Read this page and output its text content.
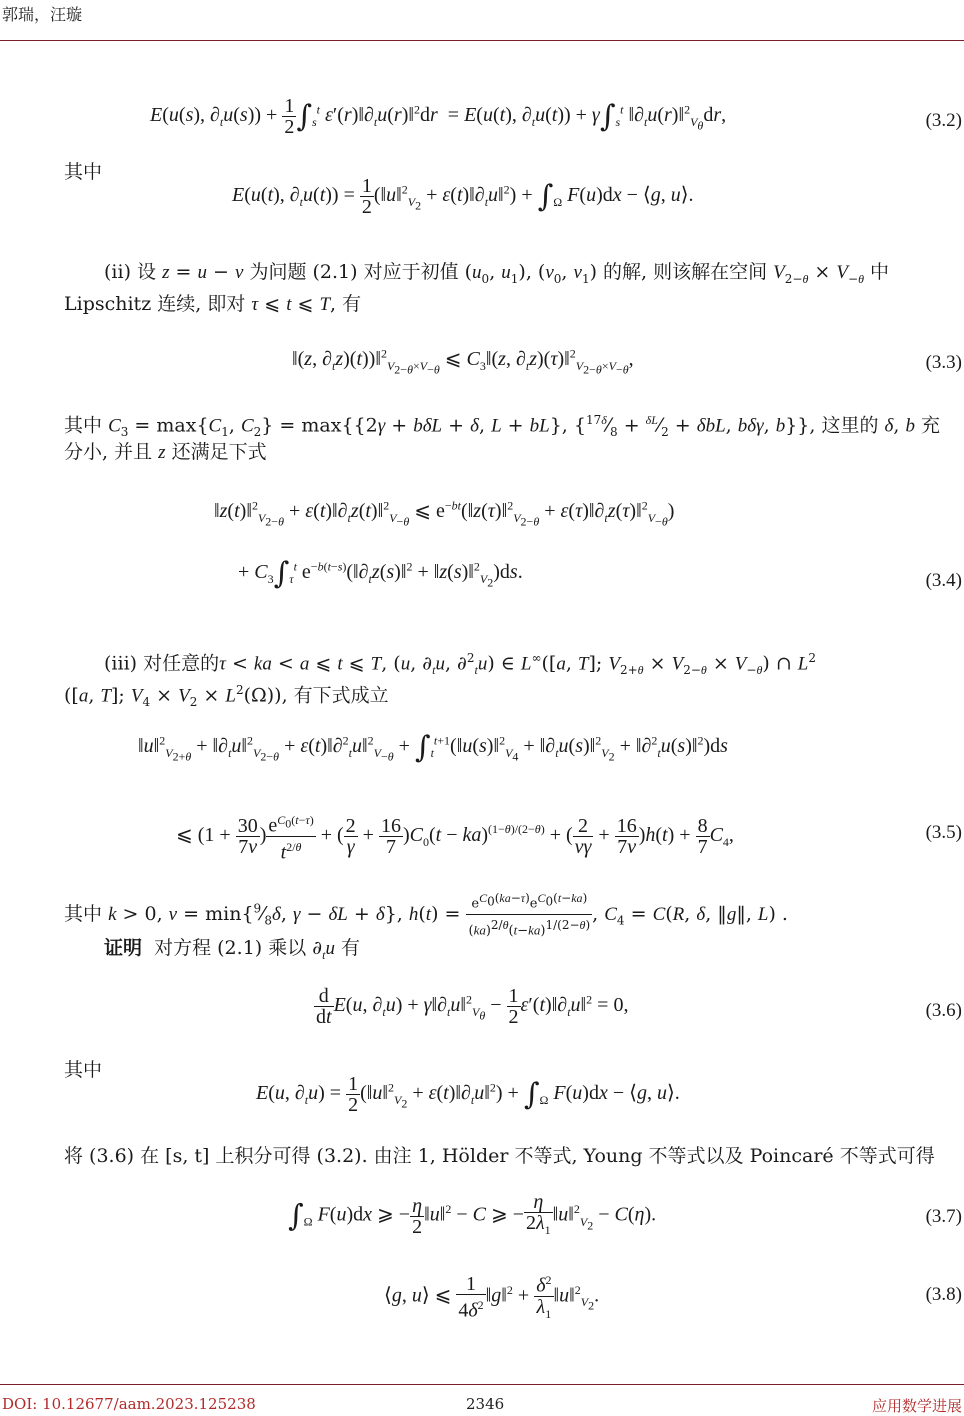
郭瑞，汪璇
E(u(s), $\partial_tu(s)) + \frac{1}{2} \int_s^t$ $\varepsilon'(r)‖\partial_tu(r)‖^2dr = E(u(t)$, $\partial_tu(t)) + \gamma\int_s^t$ $‖\partial_tu(r)‖^2_{V_\theta}dr$,	(3.2)
其中
E(u(t), $\partial_tu(t)) = \frac{1}{2}$ (‖u‖$^2_{V_2}$ + $\varepsilon(t)‖\partial_tu‖^2) + \int_\Omega$ F(u)dx − ⟨g, u⟩.
(ii) 设 z = u − v 为问题 (2.1) 对应于初值 ($u_0$, $u_1$), ($v_0$, $v_1$) 的解, 则该解在空间 $V_{2-\theta} \times V_{-\theta}$ 中
Lipschitz 连续, 即对 τ ⩽ t ⩽ T, 有
‖(z, $\partial_tz)(t))‖^2_{V_{2-\theta}\times V_{-\theta}}$ ⩽ $C_3‖(z$, $\partial_tz)(\tau)‖^2_{V_{2-\theta}\times V_{-\theta}}$,	(3.3)
其中 $C_3 = \max\{C_1$, $C_2\} = \max\{\{2\gamma + b\delta L + \delta$, L + bL}, {$^{17\delta}⁄_8$ + $^{\delta L}⁄_2 + \delta bL$, bδγ, b}}, 这里的 δ, b 充
分小, 并且 z 还满足下式
‖z(t)‖$^2_{V_{2-\theta}}$ + $\varepsilon(t)‖\partial_tz(t)‖^2_{V_{-\theta}}$ ⩽ $e^{-bt}(‖z(\tau)‖^2_{V_{2-\theta}}$ + $\varepsilon(\tau)‖\partial_tz(\tau)‖^2_{V_{-\theta}}$)
+ $C_3\int_\tau^t$ $e^{-b(t-s)}(‖\partial_tz(s)‖^2$ + ‖z(s)‖$^2_{V_2}$)ds.	(3.4)
(iii) 对任意的τ < ka < a ⩽ t ⩽ T, (u, $\partial_tu$, ∂$^2_t$u) ∈ L∞([a, T]; $V_{2+\theta} \times V_{2-\theta} \times V_{-\theta}$) ∩ $L^2$
([a, T]; $V_4 \times V_2 \times L^2(\Omega)$), 有下式成立
‖u‖$^2_{V_{2+\theta}}$ + $‖\partial_tu‖^2_{V_{2-\theta}}$ + ε(t)‖∂$^2_t$u‖$^2_{V_{-\theta}}$ + $\int_t^{t+1}(‖u(s)‖^2_{V_4}$ + $‖\partial_tu(s)‖^2_{V_2}$ + ‖∂$^2_t$u(s)‖$^2$)ds
⩽ ($1 + \frac{30}{7\nu}$ ) $\frac{e^{C_0(t-\tau)}}{t^{2/\theta}}$ + ( $\frac{2}{\gamma} + \frac{16}{7} )C_0(t - ka)^{(1-\theta)/(2-\theta)}$ + ( $\frac{2}{\nu\gamma} + \frac{16}{7\nu} )h(t) + \frac{8}{7} C_4$,	(3.5)
其中 k > 0, $\nu = \min\{^9⁄_8\delta$, γ − δL + δ}, $h(t) = \frac{e^{C_0(ka-\tau)}e^{C_0(t-ka)}}{(ka)^{2/\theta}(t-ka)^{1/(2-\theta)}}$ , $C_4 = C(R$, δ, ‖g‖, L) .
证明 对方程 (2.1) 乘以 $\partial_tu$ 有
$\frac{d}{dt} E(u$, $\partial_tu$) + $\gamma‖\partial_tu‖^2_{V_\theta} - \frac{1}{2}$ $\varepsilon'(t)‖\partial_tu‖^2 = 0$,	(3.6)
其中
E(u, $\partial_tu) = \frac{1}{2}$ (‖u‖$^2_{V_2}$ + $\varepsilon(t)‖\partial_tu‖^2) + \int_\Omega$ F(u)dx − ⟨g, u⟩.
将 (3.6) 在 [s, t] 上积分可得 (3.2). 由注 1, Hölder 不等式, Young 不等式以及 Poincaré 不等式可得
$\int_\Omega$ F(u)dx ⩾ − $\frac{\eta}{2}$ ‖u‖$^2$ − C ⩾ − $\frac{\eta}{2\lambda_1}$ ‖u‖$^2_{V_2}$ − C(η).	(3.7)
⟨g, u⟩ ⩽ $\frac{1}{4\delta^2}$ ‖g‖$^2$ + $\frac{\delta^2}{\lambda_1}$ ‖u‖$^2_{V_2}$.	(3.8)
DOI: 10.12677/aam.2023.125238	2346	应用数学进展
